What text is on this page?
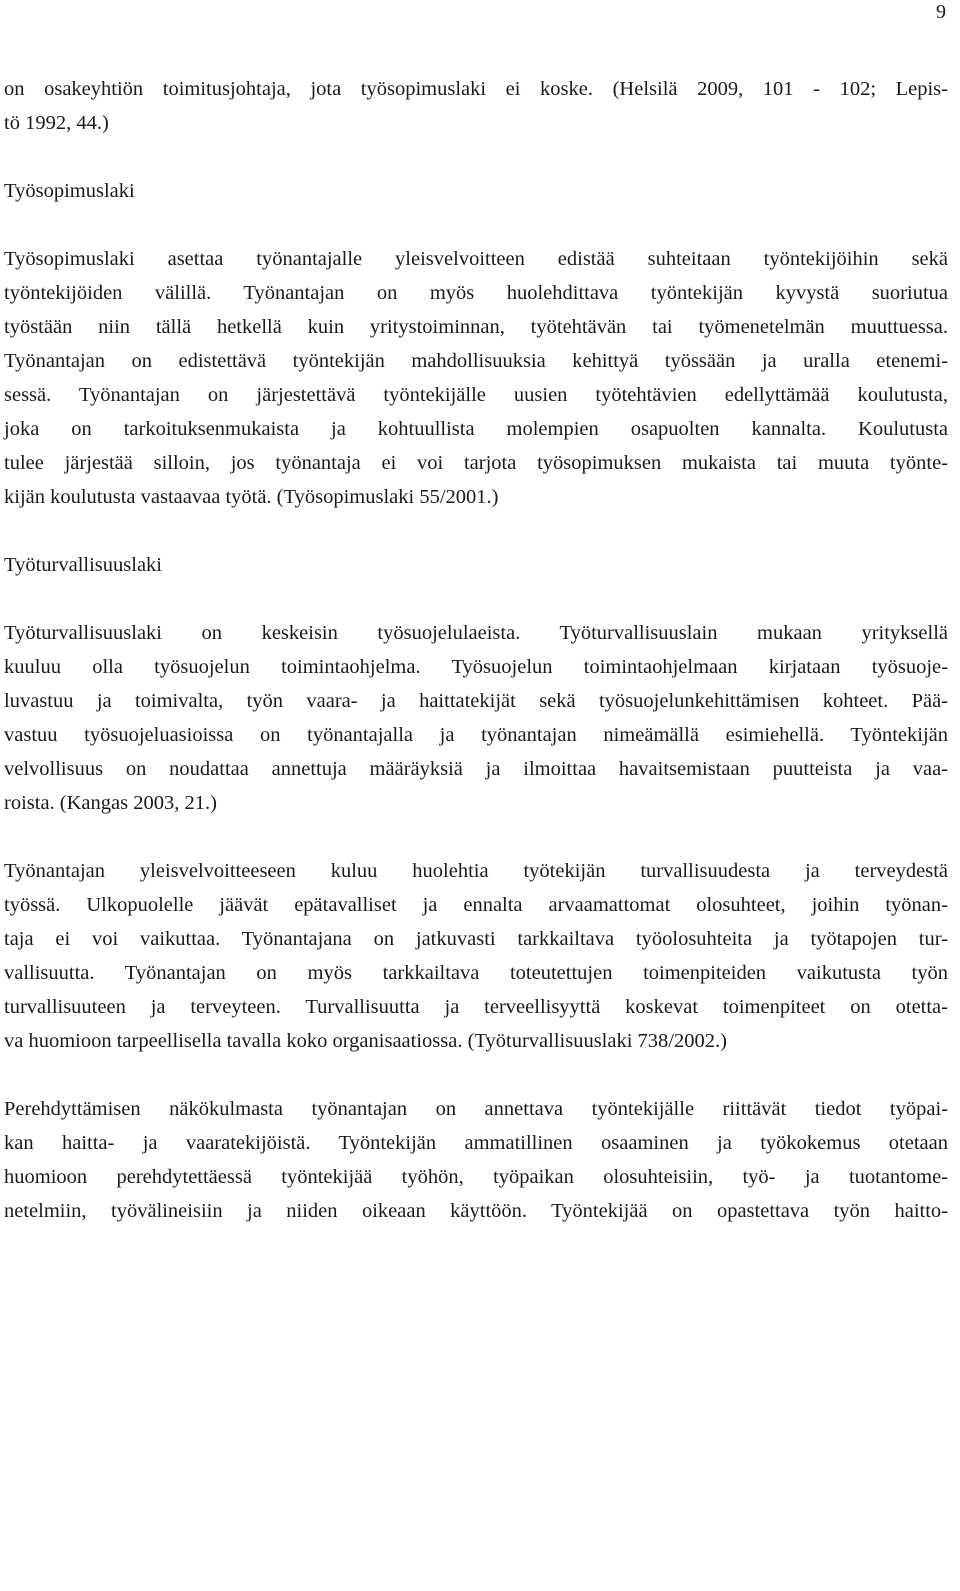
9
on osakeyhtiön toimitusjohtaja, jota työsopimuslaki ei koske. (Helsilä 2009, 101 - 102; Lepis-
tö 1992, 44.)
Työsopimuslaki
Työsopimuslaki asettaa työnantajalle yleisvelvoitteen edistää suhteitaan työntekijöihin sekä
työntekijöiden välillä. Työnantajan on myös huolehdittava työntekijän kyvystä suoriutua
työstään niin tällä hetkellä kuin yritystoiminnan, työtehtävän tai työmenetelmän muuttuessa.
Työnantajan on edistettävä työntekijän mahdollisuuksia kehittyä työssään ja uralla etenemi-
sessä. Työnantajan on järjestettävä työntekijälle uusien työtehtävien edellyttämää koulutusta,
joka on tarkoituksenmukaista ja kohtuullista molempien osapuolten kannalta. Koulutusta
tulee järjestää silloin, jos työnantaja ei voi tarjota työsopimuksen mukaista tai muuta työnte-
kijän koulutusta vastaavaa työtä. (Työsopimuslaki 55/2001.)
Työturvallisuuslaki
Työturvallisuuslaki on keskeisin työsuojelulaeista. Työturvallisuuslain mukaan yrityksellä
kuuluu olla työsuojelun toimintaohjelma. Työsuojelun toimintaohjelmaan kirjataan työsuoje-
luvastuu ja toimivalta, työn vaara- ja haittatekijät sekä työsuojelunkehittämisen kohteet. Pää-
vastuu työsuojeluasioissa on työnantajalla ja työnantajan nimeämällä esimiehellä. Työntekijän
velvollisuus on noudattaa annettuja määräyksiä ja ilmoittaa havaitsemistaan puutteista ja vaa-
roista. (Kangas 2003, 21.)
Työnantajan yleisvelvoitteeseen kuluu huolehtia työtekijän turvallisuudesta ja terveydestä
työssä. Ulkopuolelle jäävät epätavalliset ja ennalta arvaamattomat olosuhteet, joihin työnan-
taja ei voi vaikuttaa. Työnantajana on jatkuvasti tarkkailtava työolosuhteita ja työtapojen tur-
vallisuutta. Työnantajan on myös tarkkailtava toteutettujen toimenpiteiden vaikutusta työn
turvallisuuteen ja terveyteen. Turvallisuutta ja terveellisyyttä koskevat toimenpiteet on otetta-
va huomioon tarpeellisella tavalla koko organisaatiossa. (Työturvallisuuslaki 738/2002.)
Perehdyttämisen näkökulmasta työnantajan on annettava työntekijälle riittävät tiedot työpai-
kan haitta- ja vaaratekijöistä. Työntekijän ammatillinen osaaminen ja työkokemus otetaan
huomioon perehdytettäessä työntekijää työhön, työpaikan olosuhteisiin, työ- ja tuotantome-
netelmiin, työvälineisiin ja niiden oikeaan käyttöön. Työntekijää on opastettava työn haitto-
